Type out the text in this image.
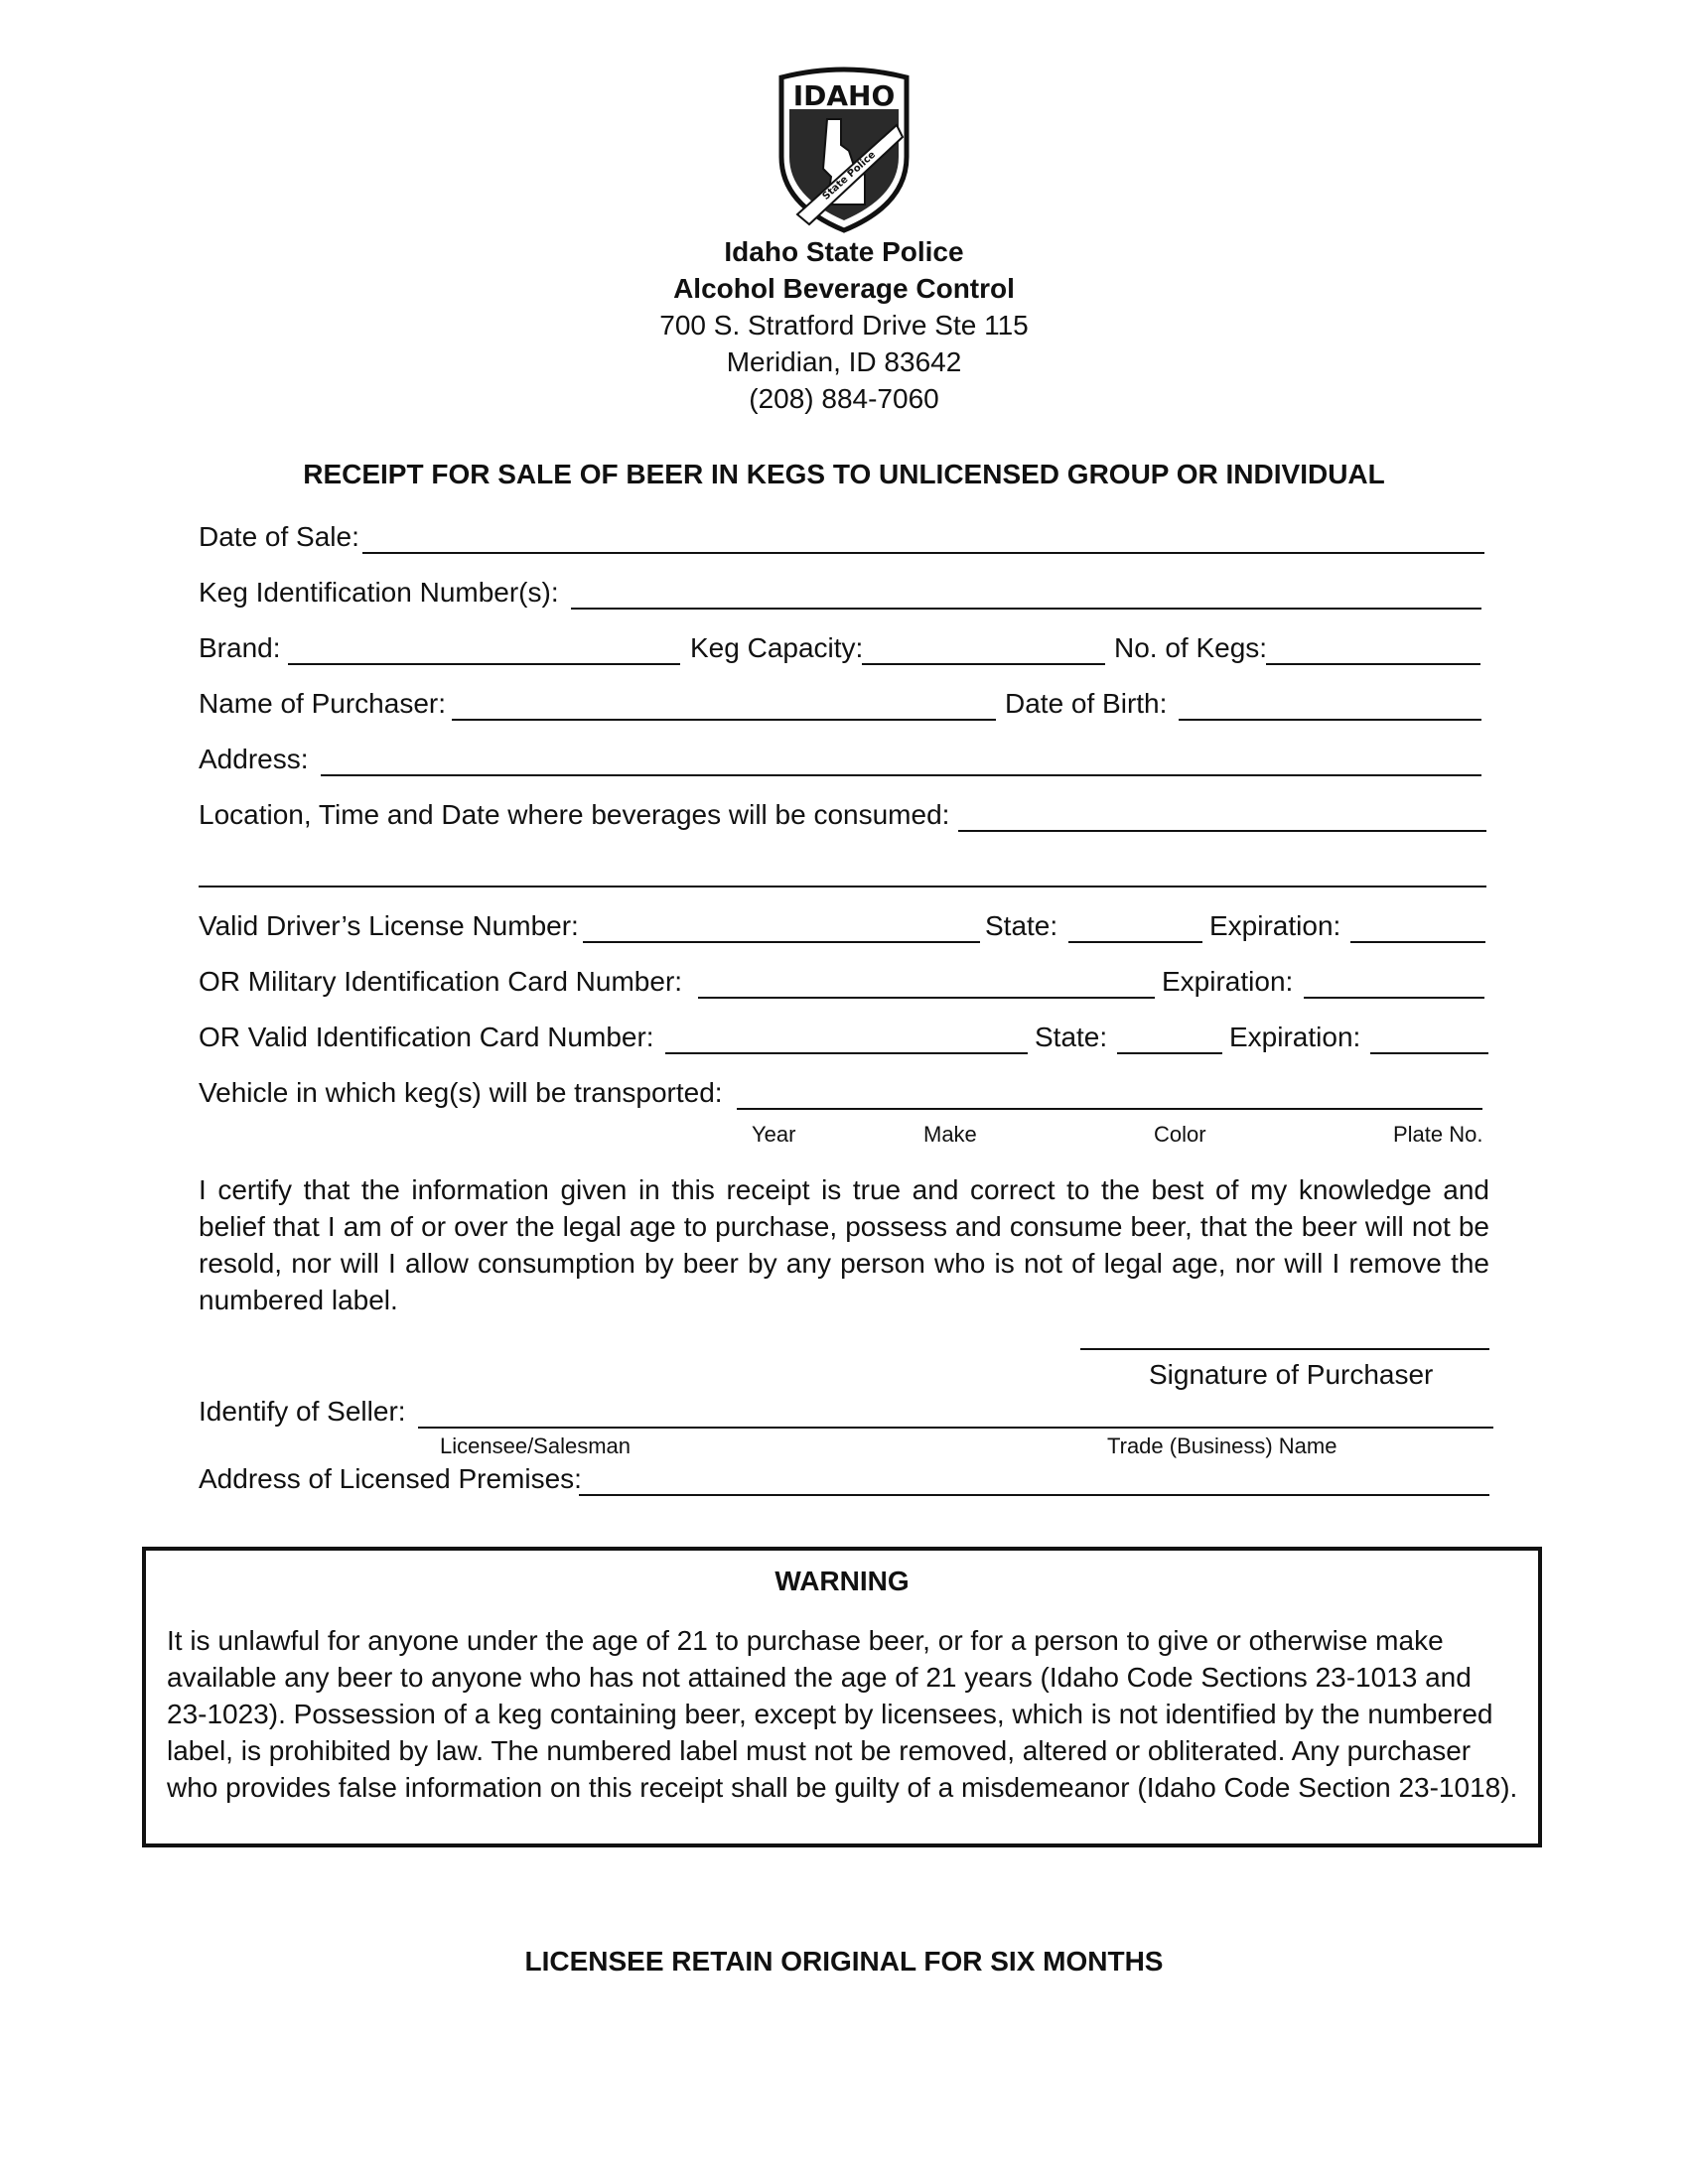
IDAHO
State Police
Idaho State Police
Alcohol Beverage Control
700 S. Stratford Drive Ste 115
Meridian, ID 83642
(208) 884-7060
RECEIPT FOR SALE OF BEER IN KEGS TO UNLICENSED GROUP OR INDIVIDUAL
Date of Sale:
Keg Identification Number(s):
Brand:	Keg Capacity:	No. of Kegs:
Name of Purchaser:	Date of Birth:
Address:
Location, Time and Date where beverages will be consumed:
Valid Driver’s License Number:	State:	Expiration:
OR Military Identification Card Number:	Expiration:
OR Valid Identification Card Number:	State:	Expiration:
Vehicle in which keg(s) will be transported:
Year	Make	Color	Plate No.
I certify that the information given in this receipt is true and correct to the best of my knowledge and belief that I am of or over the legal age to purchase, possess and consume beer, that the beer will not be resold, nor will I allow consumption by beer by any person who is not of legal age, nor will I remove the numbered label.
Signature of Purchaser
Identify of Seller:
Licensee/Salesman	Trade (Business) Name
Address of Licensed Premises:
WARNING
It is unlawful for anyone under the age of 21 to purchase beer, or for a person to give or otherwise make available any beer to anyone who has not attained the age of 21 years (Idaho Code Sections 23-1013 and 23-1023). Possession of a keg containing beer, except by licensees, which is not identified by the numbered label, is prohibited by law. The numbered label must not be removed, altered or obliterated. Any purchaser who provides false information on this receipt shall be guilty of a misdemeanor (Idaho Code Section 23-1018).
LICENSEE RETAIN ORIGINAL FOR SIX MONTHS
